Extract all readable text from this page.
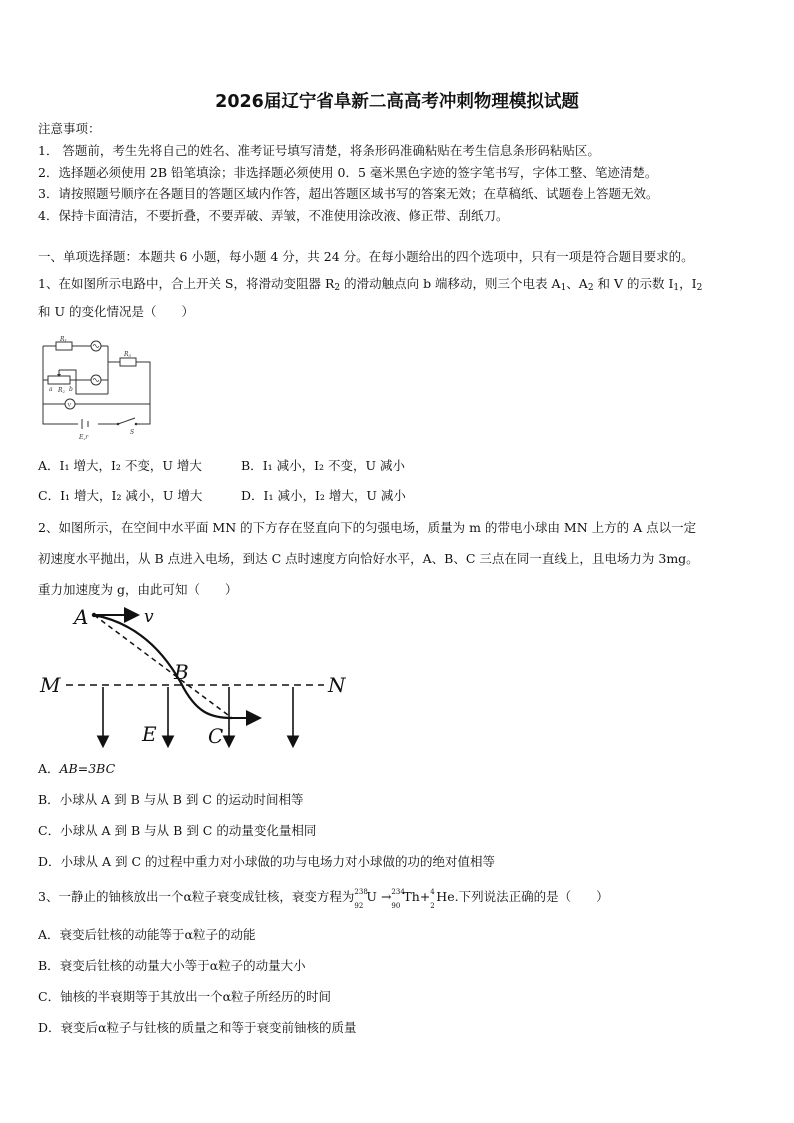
2026届辽宁省阜新二高高考冲刺物理模拟试题
注意事项：
1． 答题前，考生先将自己的姓名、准考证号填写清楚，将条形码准确粘贴在考生信息条形码粘贴区。
2．选择题必须使用 2B 铅笔填涂；非选择题必须使用 0．5 毫米黑色字迹的签字笔书写，字体工整、笔迹清楚。
3．请按照题号顺序在各题目的答题区域内作答，超出答题区域书写的答案无效；在草稿纸、试题卷上答题无效。
4．保持卡面清洁，不要折叠，不要弄破、弄皱，不准使用涂改液、修正带、刮纸刀。
一、单项选择题：本题共 6 小题，每小题 4 分，共 24 分。在每小题给出的四个选项中，只有一项是符合题目要求的。
1、在如图所示电路中，合上开关 S，将滑动变阻器 $R_2$ 的滑动触点向 b 端移动，则三个电表 $A_1$、$A_2$ 和 V 的示数 $I_1$，$I_2$
和 U 的变化情况是（　　）
R1
R3
R2
a	b
E,r
S
V
A．I₁ 增大，I₂ 不变，U 增大	B．I₁ 减小，I₂ 不变，U 减小
C．I₁ 增大，I₂ 减小，U 增大	D．I₁ 减小，I₂ 增大，U 减小
2、如图所示，在空间中水平面 MN 的下方存在竖直向下的匀强电场，质量为 m 的带电小球由 MN 上方的 A 点以一定
初速度水平抛出，从 B 点进入电场，到达 C 点时速度方向恰好水平，A、B、C 三点在同一直线上，且电场力为 3mg。
重力加速度为 g，由此可知（　　）
A	v
M	N
B
E	C
A．AB=3BC
B．小球从 A 到 B 与从 B 到 C 的运动时间相等
C．小球从 A 到 B 与从 B 到 C 的动量变化量相同
D．小球从 A 到 C 的过程中重力对小球做的功与电场力对小球做的功的绝对值相等
3、一静止的铀核放出一个α粒子衰变成钍核，衰变方程为 238
92
U → 234
90
Th+ 4
2
He.下列说法正确的是（　　）
A．衰变后钍核的动能等于α粒子的动能
B．衰变后钍核的动量大小等于α粒子的动量大小
C．铀核的半衰期等于其放出一个α粒子所经历的时间
D．衰变后α粒子与钍核的质量之和等于衰变前铀核的质量
